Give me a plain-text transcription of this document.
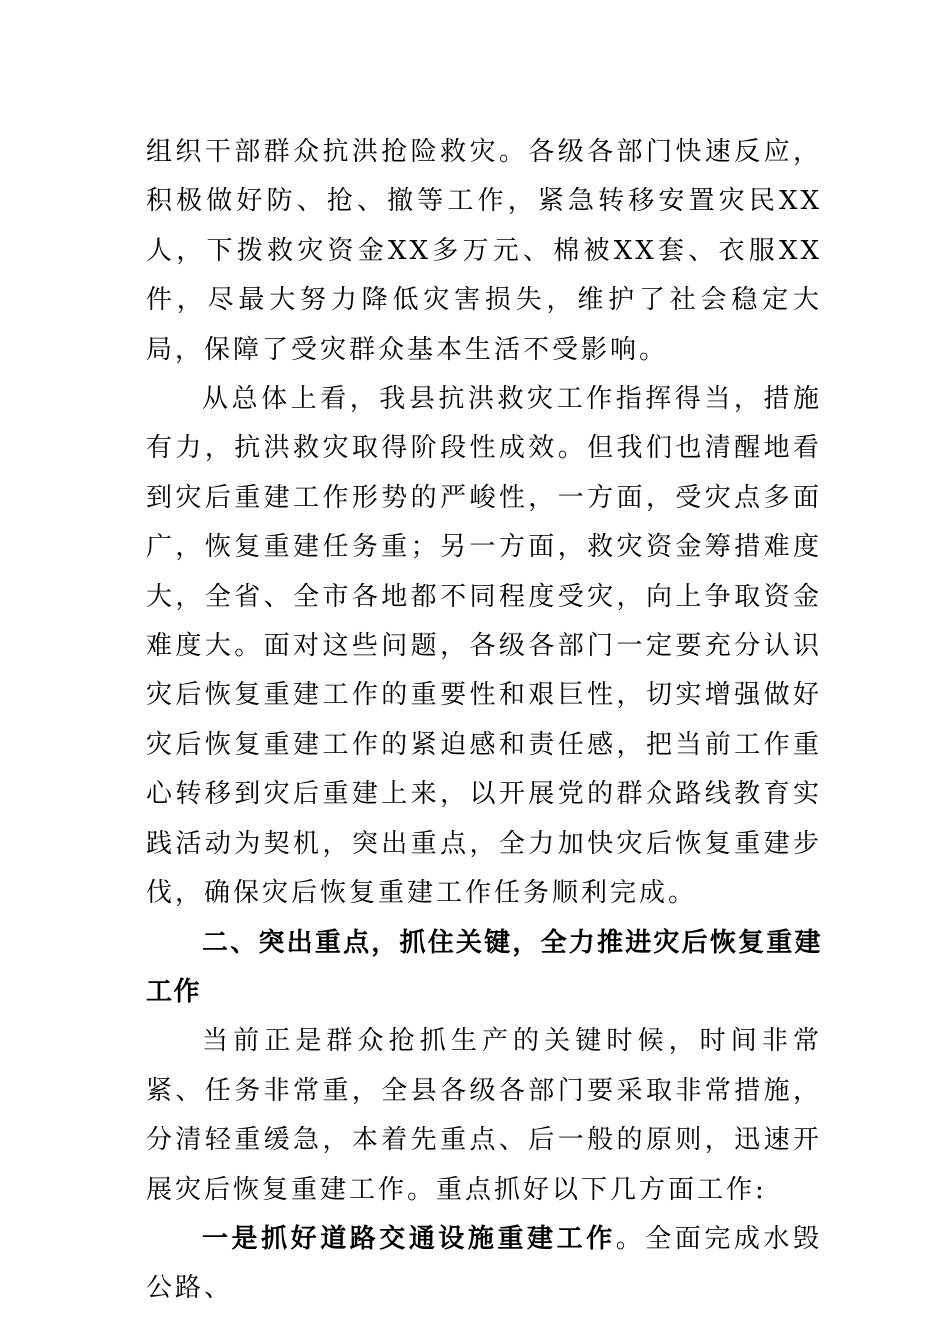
组织干部群众抗洪抢险救灾。各级各部门快速反应，积极做好防、抢、撤等工作，紧急转移安置灾民XX人，下拨救灾资金XX多万元、棉被XX套、衣服XX件，尽最大努力降低灾害损失，维护了社会稳定大局，保障了受灾群众基本生活不受影响。

从总体上看，我县抗洪救灾工作指挥得当，措施有力，抗洪救灾取得阶段性成效。但我们也清醒地看到灾后重建工作形势的严峻性，一方面，受灾点多面广，恢复重建任务重；另一方面，救灾资金筹措难度大，全省、全市各地都不同程度受灾，向上争取资金难度大。面对这些问题，各级各部门一定要充分认识灾后恢复重建工作的重要性和艰巨性，切实增强做好灾后恢复重建工作的紧迫感和责任感，把当前工作重心转移到灾后重建上来，以开展党的群众路线教育实践活动为契机，突出重点，全力加快灾后恢复重建步伐，确保灾后恢复重建工作任务顺利完成。

二、突出重点，抓住关键，全力推进灾后恢复重建工作

当前正是群众抢抓生产的关键时候，时间非常紧、任务非常重，全县各级各部门要采取非常措施，分清轻重缓急，本着先重点、后一般的原则，迅速开展灾后恢复重建工作。重点抓好以下几方面工作:

一是抓好道路交通设施重建工作。全面完成水毁公路、
